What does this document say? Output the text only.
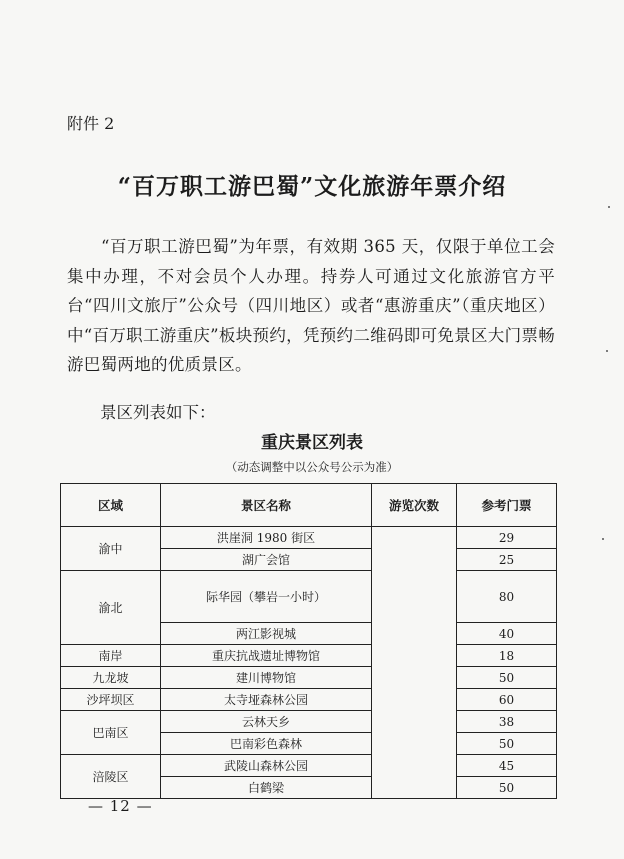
附件 2
“百万职工游巴蜀”文化旅游年票介绍
“百万职工游巴蜀”为年票，有效期 365 天，仅限于单位工会集中办理，不对会员个人办理。持券人可通过文化旅游官方平台“四川文旅厅”公众号（四川地区）或者“惠游重庆”（重庆地区）中“百万职工游重庆”板块预约，凭预约二维码即可免景区大门票畅游巴蜀两地的优质景区。
景区列表如下：
重庆景区列表
（动态调整中以公众号公示为准）
区域	景区名称	游览次数	参考门票
渝中	洪崖洞 1980 街区		29
	湖广会馆		25
渝北	际华园（攀岩一小时）		80
	两江影视城		40
南岸	重庆抗战遗址博物馆		18
九龙坡	建川博物馆		50
沙坪坝区	太寺垭森林公园		60
巴南区	云林天乡		38
	巴南彩色森林		50
涪陵区	武陵山森林公园		45
	白鹤梁		50
— 12 —
